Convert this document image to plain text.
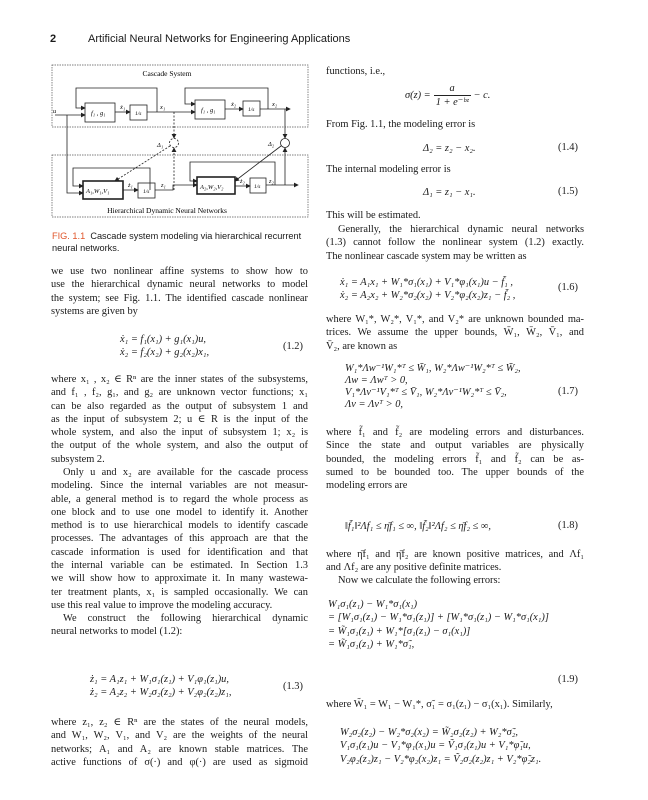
2	Artificial Neural Networks for Engineering Applications
Cascade System
Hierarchical Dynamic Neural Networks
f₁ , g₁	f₁ , g₁
1/s
1/s
1/s
1/s
A₁,W₁,V₁
A₂,W₂,V₂
u
ẋ₁	x₁	ẋ₂	x₂
ż₁	z₁
ż₂	z₂
Δ₁	Δ₂
FIG. 1.1 Cascade system modeling via hierarchical recurrent neural networks.
we use two nonlinear affine systems to show how to
use the hierarchical dynamic neural networks to model
the system; see Fig. 1.1. The identified cascade nonlinear
systems are given by
ẋ₁ = f₁(x₁) + g₁(x₁)u,
ẋ₂ = f₂(x₂) + g₂(x₂)x₁,
(1.2)
where x₁ , x₂ ∈ Rⁿ are the inner states of the subsystems,
and f₁ , f₂, g₁, and g₂ are unknown vector functions; x₁
can be also regarded as the output of subsystem 1 and
as the input of subsystem 2; u ∈ R is the input of the
whole system, and also the input of subsystem 1; x₂ is
the output of the whole system, and also the output of
subsystem 2.
Only u and x₂ are available for the cascade process
modeling. Since the internal variables are not measur-
able, a general method is to regard the whole process as
one block and to use one model to identify it. Another
method is to use hierarchical models to identify cascade
processes. The advantages of this approach are that the
cascade information is used for identification and that
the internal variable can be estimated. In Section 1.3
we will show how to approximate it. In many wastewa-
ter treatment plants, x₁ is sampled occasionally. We can
use this real value to improve the modeling accuracy.
We construct the following hierarchical dynamic
neural networks to model (1.2):
ż₁ = A₁z₁ + W₁σ₁(z₁) + V₁φ₁(z₁)u,
ż₂ = A₂z₂ + W₂σ₂(z₂) + V₂φ₂(z₂)z₁,
(1.3)
where z₁, z₂ ∈ Rⁿ are the states of the neural models,
and W₁, W₂, V₁, and V₂ are the weights of the neural
networks; A₁ and A₂ are known stable matrices. The
active functions of σ(·) and φ(·) are used as sigmoid
functions, i.e.,
$\sigma(z) = \frac{a}{\text{1 + e⁻ᵇᶻ}} - c$.
From Fig. 1.1, the modeling error is
Δ₂ = z₂ − x₂.	(1.4)
The internal modeling error is
Δ₁ = z₁ − x₁.	(1.5)
This will be estimated.
Generally, the hierarchical dynamic neural networks
(1.3) cannot follow the nonlinear system (1.2) exactly.
The nonlinear cascade system may be written as
ẋ₁ = A₁x₁ + W₁*σ₁(x₁) + V₁*φ₁(x₁)u − f̃₁ ,
ẋ₂ = A₂x₂ + W₂*σ₂(x₂) + V₂*φ₂(x₂)z₁ − f̃₂ ,
(1.6)
where W₁*, W₂*, V₁*, and V₂* are unknown bounded ma-
trices. We assume the upper bounds, W̄₁, W̄₂, V̄₁, and
V̄₂, are known as
W₁*Λw⁻¹W₁*ᵀ ≤ W̄₁, W₂*Λw⁻¹W₂*ᵀ ≤ W̄₂,
Λw = Λwᵀ > 0,
V₁*Λv⁻¹V₁*ᵀ ≤ V̄₁, W₂*Λv⁻¹W₂*ᵀ ≤ V̄₂,
Λv = Λvᵀ > 0,
(1.7)
where f̃₁ and f̃₂ are modeling errors and disturbances.
Since the state and output variables are physically
bounded, the modeling errors f̃₁ and f̃₂ can be as-
sumed to be bounded too. The upper bounds of the
modeling errors are
‖f̃₁‖²Λf₁ ≤ η̄f₁ ≤ ∞, ‖f̃₂‖²Λf₂ ≤ η̄f₂ ≤ ∞,	(1.8)
where η̄f₁ and η̄f₂ are known positive matrices, and Λf₁
and Λf₂ are any positive definite matrices.
Now we calculate the following errors:
W₁σ₁(z₁) − W₁*σ₁(x₁)
= [W₁σ₁(z₁) − W₁*σ₁(z₁)] + [W₁*σ₁(z₁) − W₁*σ₁(x₁)]
= W̃₁σ₁(z₁) + W₁*[σ₁(z₁) − σ₁(x₁)]
= W̃₁σ₁(z₁) + W₁*σ̃₁,
(1.9)
where W̃₁ = W₁ − W₁*, σ̃₁ = σ₁(z₁) − σ₁(x₁). Similarly,
W₂σ₂(z₂) − W₂*σ₂(x₂) = W̃₂σ₂(z₂) + W₂*σ̃₂,
V₁σ₁(z₁)u − V₁*φ₁(x₁)u = Ṽ₁σ₁(z₁)u + V₁*φ̃₁u,
V₂φ₂(z₂)z₁ − V₂*φ₂(x₂)z₁ = Ṽ₂σ₂(z₂)z₁ + V₂*φ̃₂z₁.
